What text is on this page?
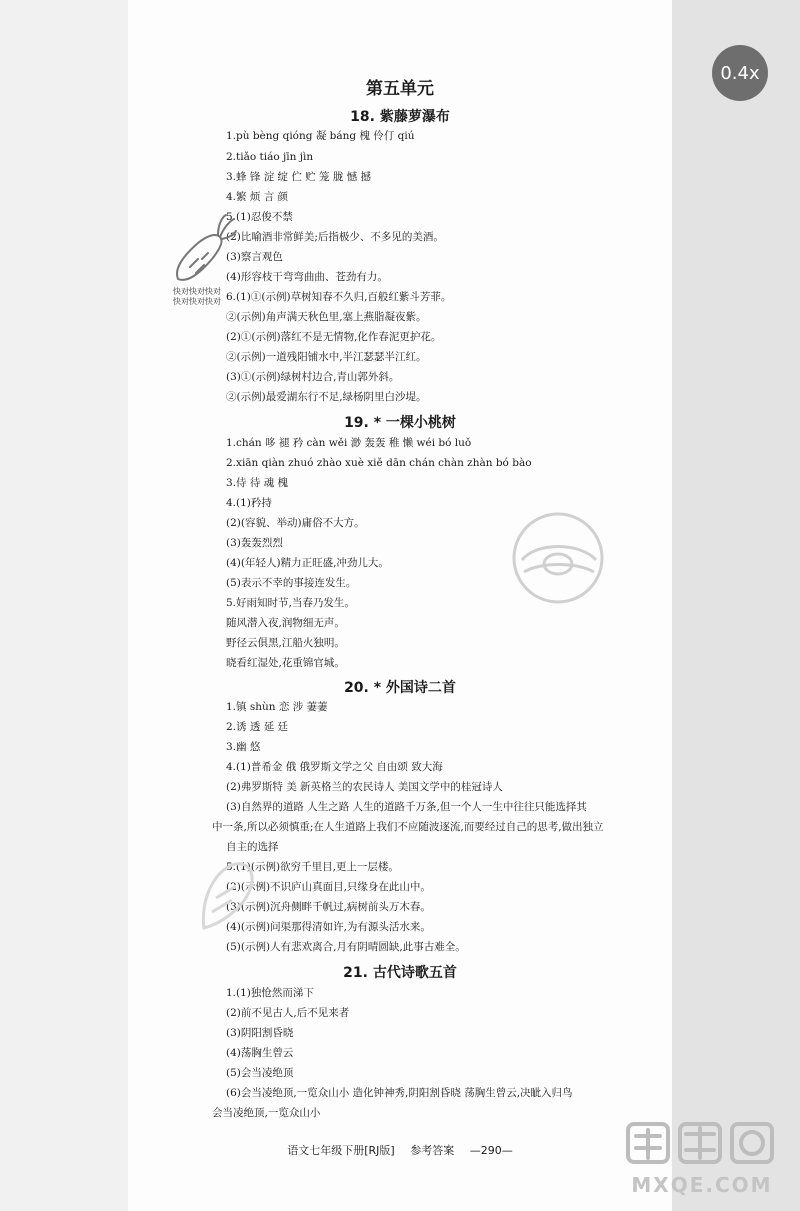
0.4x
第五单元
18. 紫藤萝瀑布
1.pù bèng qióng 凝 báng 槐 伶仃 qiú
2.tiǎo tiáo jīn jìn
3.蜂 锋 淀 绽 伫 贮 笼 胧 憾 撼
4.繁 烦 言 颜
5.(1)忍俊不禁
(2)比喻酒非常鲜美;后指极少、不多见的美酒。
(3)察言观色
(4)形容枝干弯弯曲曲、苍劲有力。
6.(1)①(示例)草树知春不久归,百般红紫斗芳菲。
②(示例)角声满天秋色里,塞上燕脂凝夜紫。
(2)①(示例)落红不是无情物,化作春泥更护花。
②(示例)一道残阳铺水中,半江瑟瑟半江红。
(3)①(示例)绿树村边合,青山郭外斜。
②(示例)最爱湖东行不足,绿杨阴里白沙堤。
19. * 一棵小桃树
1.chán 哆 褪 矜 càn wěi 渺 轰轰 稚 懒 wéi bó luǒ
2.xiān qiàn zhuó zhào xuè xiě dān chán chàn zhàn bó bào
3.侍 待 魂 槐
4.(1)矜持
(2)(容貌、举动)庸俗不大方。
(3)轰轰烈烈
(4)(年轻人)精力正旺盛,冲劲儿大。
(5)表示不幸的事接连发生。
5.好雨知时节,当春乃发生。
随风潜入夜,润物细无声。
野径云俱黑,江船火独明。
晓看红湿处,花重锦官城。
20. * 外国诗二首
1.镇 shùn 恋 涉 萋萋
2.诱 透 延 廷
3.幽 悠
4.(1)普希金 俄 俄罗斯文学之父 自由颂 致大海
(2)弗罗斯特 美 新英格兰的农民诗人 美国文学中的桂冠诗人
(3)自然界的道路 人生之路 人生的道路千万条,但一个人一生中往往只能选择其
中一条,所以必须慎重;在人生道路上我们不应随波逐流,而要经过自己的思考,做出独立
自主的选择
5.(1)(示例)欲穷千里目,更上一层楼。
(2)(示例)不识庐山真面目,只缘身在此山中。
(3)(示例)沉舟侧畔千帆过,病树前头万木春。
(4)(示例)问渠那得清如许,为有源头活水来。
(5)(示例)人有悲欢离合,月有阴晴圆缺,此事古难全。
21. 古代诗歌五首
1.(1)独怆然而涕下
(2)前不见古人,后不见来者
(3)阴阳割昏晓
(4)荡胸生曾云
(5)会当凌绝顶
(6)会当凌绝顶,一览众山小 造化钟神秀,阴阳割昏晓 荡胸生曾云,决眦入归鸟
会当凌绝顶,一览众山小
快对快对快对
快对快对快对
语文七年级下册[RJ版] 参考答案 —290—
MXQE.COM
